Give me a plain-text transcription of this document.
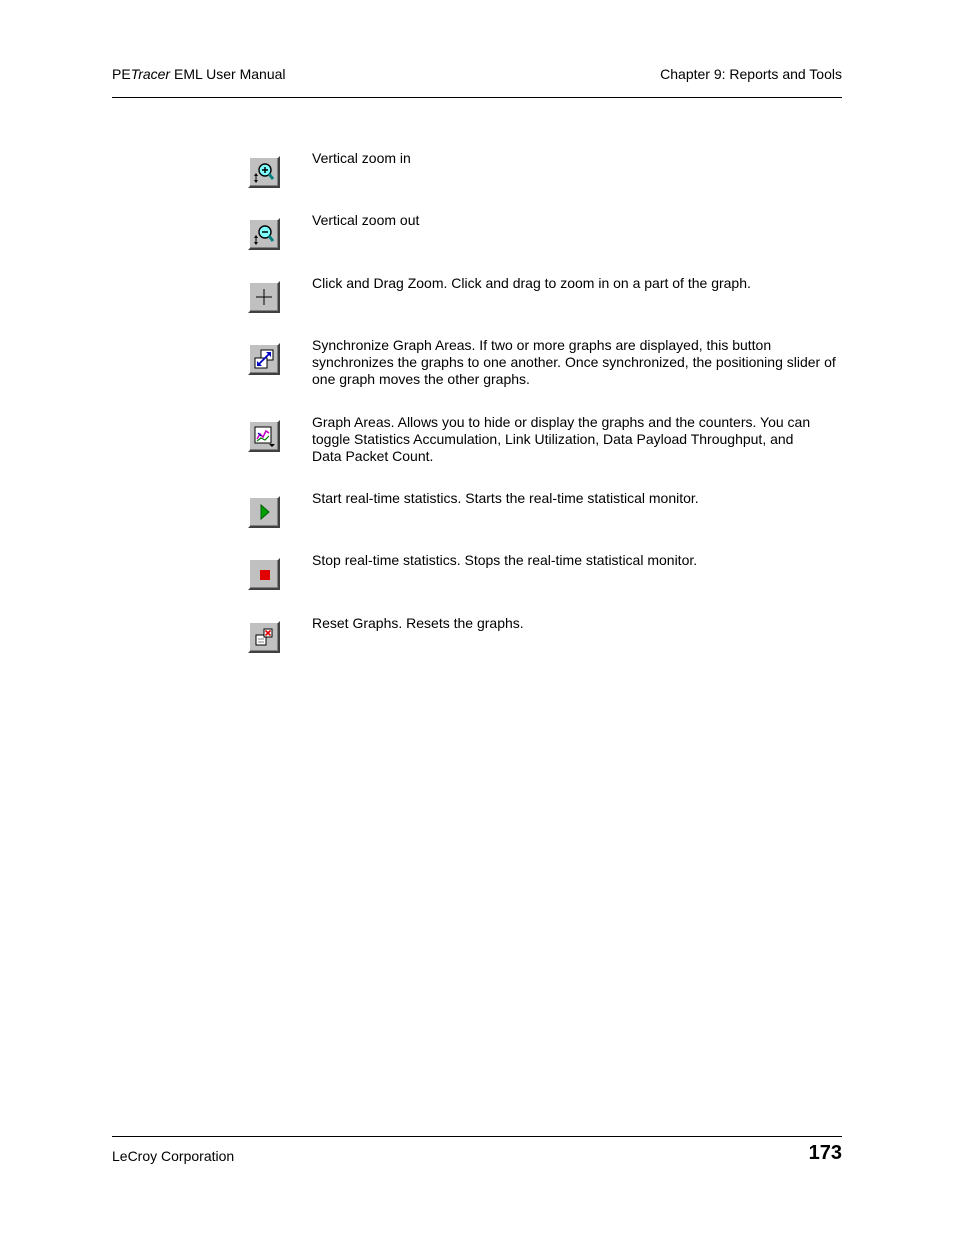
PETracer EML User Manual	Chapter 9: Reports and Tools
Vertical zoom in
Vertical zoom out
Click and Drag Zoom. Click and drag to zoom in on a part of the graph.
Synchronize Graph Areas. If two or more graphs are displayed, this button
synchronizes the graphs to one another. Once synchronized, the positioning slider of
one graph moves the other graphs.
Graph Areas. Allows you to hide or display the graphs and the counters. You can
toggle Statistics Accumulation, Link Utilization, Data Payload Throughput, and
Data Packet Count.
Start real-time statistics. Starts the real-time statistical monitor.
Stop real-time statistics. Stops the real-time statistical monitor.
Reset Graphs. Resets the graphs.
LeCroy Corporation	173
